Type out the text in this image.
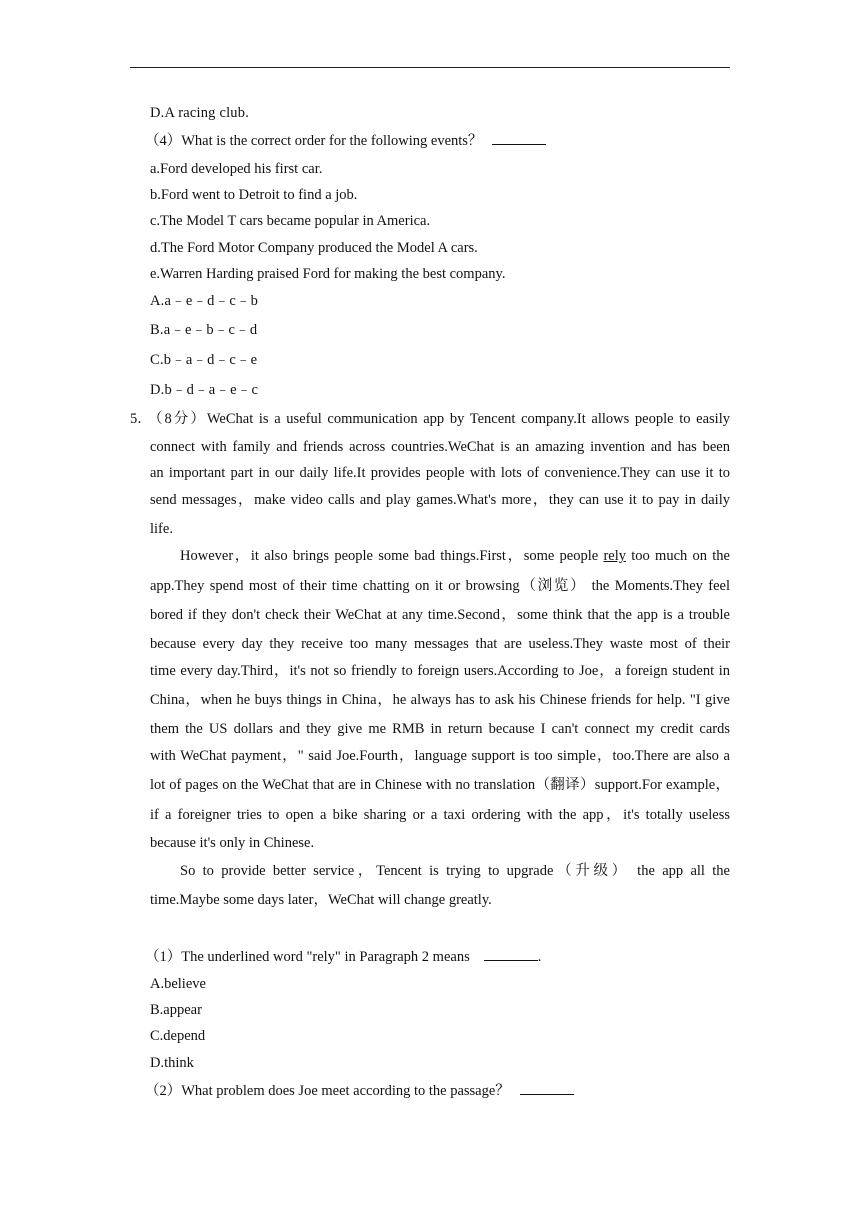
D.A racing club.
（4）What is the correct order for the following events？
a.Ford developed his first car.
b.Ford went to Detroit to find a job.
c.The Model T cars became popular in America.
d.The Ford Motor Company produced the Model A cars.
e.Warren Harding praised Ford for making the best company.
A.a﹣e﹣d﹣c﹣b
B.a﹣e﹣b﹣c﹣d
C.b﹣a﹣d﹣c﹣e
D.b﹣d﹣a﹣e﹣c
5．
（8分）WeChat is a useful communication app by Tencent company.It allows people to easily
connect with family and friends across countries.WeChat is an amazing invention and has been
an important part in our daily life.It provides people with lots of convenience.They can use it to
send messages，make video calls and play games.What's more，they can use it to pay in daily
life.
However，it also brings people some bad things.First，some people rely too much on the
app.They spend most of their time chatting on it or browsing（浏览） the Moments.They feel
bored if they don't check their WeChat at any time.Second，some think that the app is a trouble
because every day they receive too many messages that are useless.They waste most of their
time every day.Third，it's not so friendly to foreign users.According to Joe，a foreign student in
China，when he buys things in China，he always has to ask his Chinese friends for help. "I give
them the US dollars and they give me RMB in return because I can't connect my credit cards
with WeChat payment，" said Joe.Fourth，language support is too simple，too.There are also a
lot of pages on the WeChat that are in Chinese with no translation（翻译）support.For example，
if a foreigner tries to open a bike sharing or a taxi ordering with the app，it's totally useless
because it's only in Chinese.
So to provide better service，Tencent is trying to upgrade（升级） the app all the
time.Maybe some days later，WeChat will change greatly.
（1）The underlined word "rely" in Paragraph 2 means	.
A.believe
B.appear
C.depend
D.think
（2）What problem does Joe meet according to the passage？
